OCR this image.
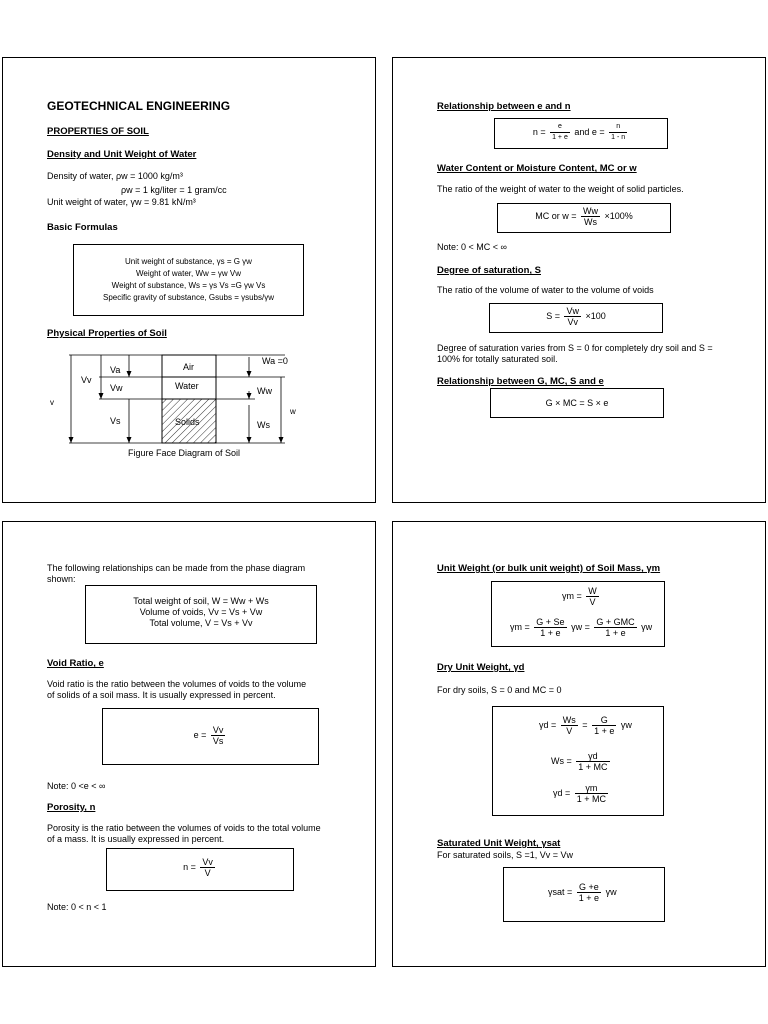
GEOTECHNICAL ENGINEERING
PROPERTIES OF SOIL
Density and Unit Weight of Water
Density of water, ρw = 1000 kg/m³
ρw = 1 kg/liter = 1 gram/cc
Unit weight of water, γw = 9.81 kN/m³
Basic Formulas
Unit weight of substance, γs = G γw
Weight of water, Ww = γw Vw
Weight of substance, Ws = γs Vs =G γw Vs
Specific gravity of substance, Gsubs = γsubs/γw
Physical Properties of Soil
Air
Water
Solids
Va
Vv
Vw
Vs
v
Wa =0
Ww
Ws
w
Figure Face Diagram of Soil
Relationship between e and n
$n = \frac{e}{1 + e}$ and $e = \frac{n}{1 - n}$
Water Content or Moisture Content, MC or w
The ratio of the weight of water to the weight of solid particles.
MC or $w = \frac{Ww}{Ws} \times 100\%$
Note: 0 < MC < ∞
Degree of saturation, S
The ratio of the volume of water to the volume of voids
$S = \frac{Vw}{Vv} \times 100$
Degree of saturation varies from S = 0 for completely dry soil and S = 100% for totally saturated soil.
Relationship between G, MC, S and e
G × MC = S × e
The following relationships can be made from the phase diagram shown:
Total weight of soil, W = Ww + Ws
Volume of voids, Vv = Vs + Vw
Total volume, V = Vs + Vv
Void Ratio, e
Void ratio is the ratio between the volumes of voids to the volume of solids of a soil mass. It is usually expressed in percent.
$e = \frac{Vv}{Vs}$
Note: 0 <e < ∞
Porosity, n
Porosity is the ratio between the volumes of voids to the total volume of a mass. It is usually expressed in percent.
$n = \frac{Vv}{V}$
Note: 0 < n < 1
Unit Weight (or bulk unit weight) of Soil Mass, γm
$\gamma m = \frac{W}{V}$
$\gamma m = \frac{G + Se}{1 + e}$ $\gamma w = \frac{\text{G + GMC}}{1 + e}$ γw
Dry Unit Weight, γd
For dry soils, S = 0 and MC = 0
$\gamma d = \frac{Ws}{V} = \frac{G}{1 + e}$ γw
$Ws = \frac{\gamma d}{1 + MC}$
$\gamma d = \frac{\gamma m}{1 + MC}$
Saturated Unit Weight, γsat
For saturated soils, S =1, Vv = Vw
$\gamma sat = \frac{G +e}{1 + e}$ γw
